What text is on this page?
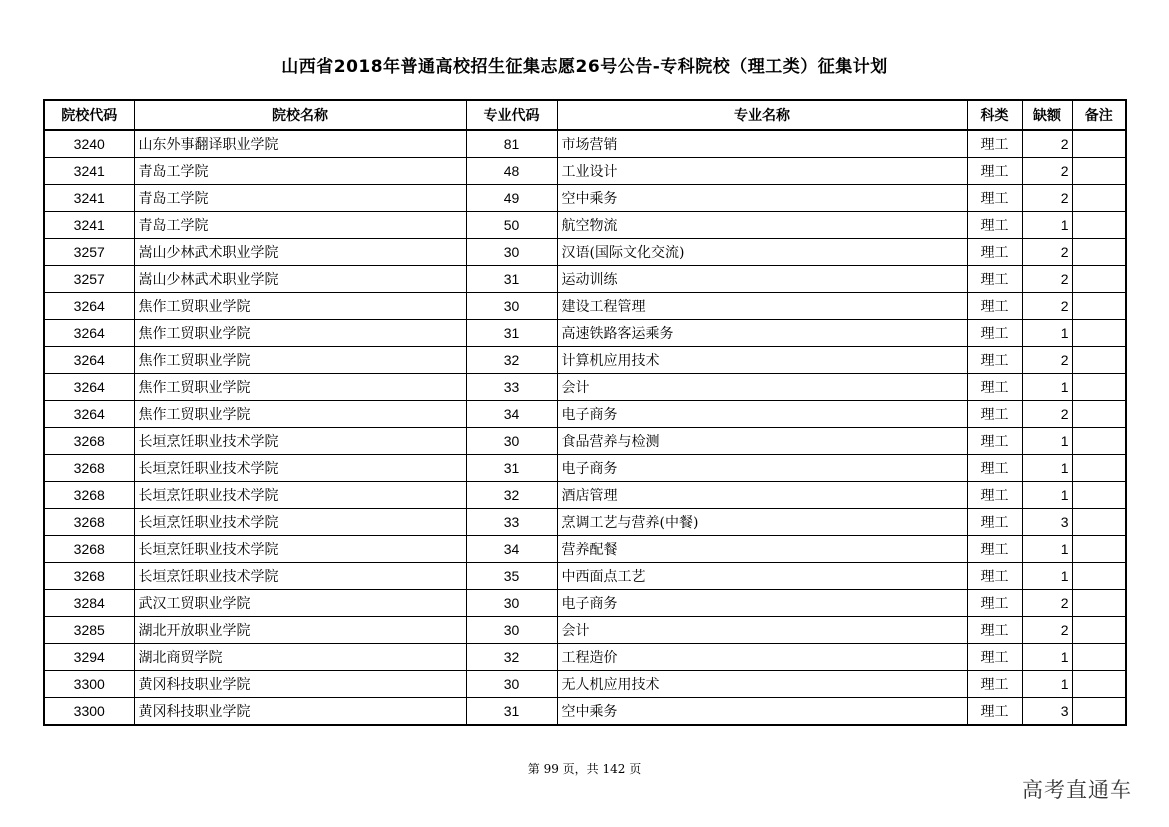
山西省2018年普通高校招生征集志愿26号公告-专科院校（理工类）征集计划
院校代码	院校名称	专业代码	专业名称	科类	缺额	备注
3240	山东外事翻译职业学院	81	市场营销	理工	2	
3241	青岛工学院	48	工业设计	理工	2	
3241	青岛工学院	49	空中乘务	理工	2	
3241	青岛工学院	50	航空物流	理工	1	
3257	嵩山少林武术职业学院	30	汉语(国际文化交流)	理工	2	
3257	嵩山少林武术职业学院	31	运动训练	理工	2	
3264	焦作工贸职业学院	30	建设工程管理	理工	2	
3264	焦作工贸职业学院	31	高速铁路客运乘务	理工	1	
3264	焦作工贸职业学院	32	计算机应用技术	理工	2	
3264	焦作工贸职业学院	33	会计	理工	1	
3264	焦作工贸职业学院	34	电子商务	理工	2	
3268	长垣烹饪职业技术学院	30	食品营养与检测	理工	1	
3268	长垣烹饪职业技术学院	31	电子商务	理工	1	
3268	长垣烹饪职业技术学院	32	酒店管理	理工	1	
3268	长垣烹饪职业技术学院	33	烹调工艺与营养(中餐)	理工	3	
3268	长垣烹饪职业技术学院	34	营养配餐	理工	1	
3268	长垣烹饪职业技术学院	35	中西面点工艺	理工	1	
3284	武汉工贸职业学院	30	电子商务	理工	2	
3285	湖北开放职业学院	30	会计	理工	2	
3294	湖北商贸学院	32	工程造价	理工	1	
3300	黄冈科技职业学院	30	无人机应用技术	理工	1	
3300	黄冈科技职业学院	31	空中乘务	理工	3	
第 99 页，共 142 页
高考直通车
